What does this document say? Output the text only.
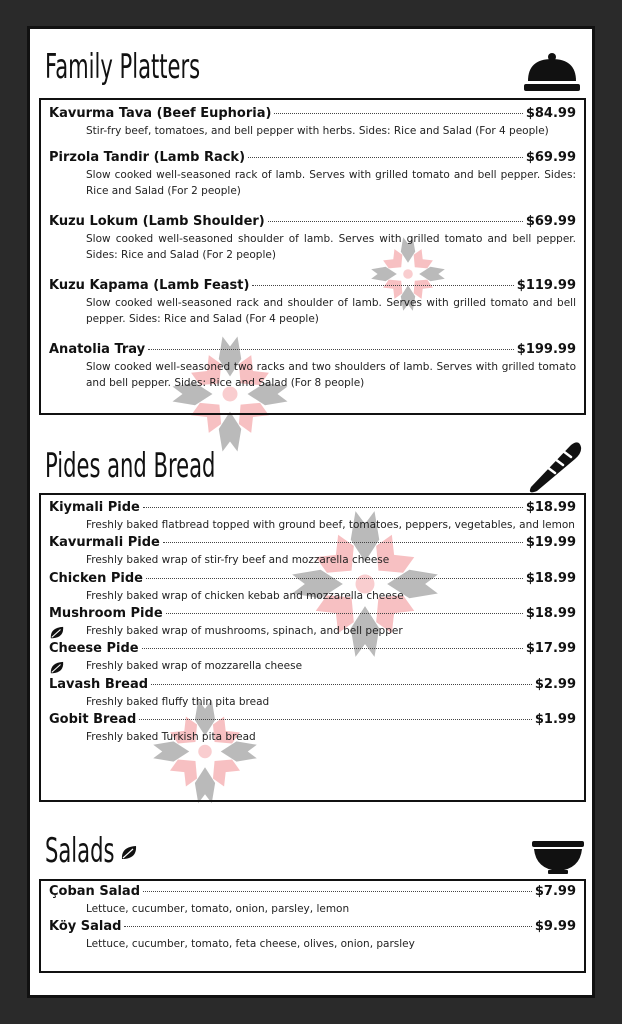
Family Platters
Kavurma Tava (Beef Euphoria)	$84.99
Stir-fry beef, tomatoes, and bell pepper with herbs. Sides: Rice and Salad (For 4 people)
Pirzola Tandir (Lamb Rack)	$69.99
Slow cooked well-seasoned rack of lamb. Serves with grilled tomato and bell pepper. Sides: Rice and Salad (For 2 people)
Kuzu Lokum (Lamb Shoulder)	$69.99
Slow cooked well-seasoned shoulder of lamb. Serves with grilled tomato and bell pepper. Sides: Rice and Salad (For 2 people)
Kuzu Kapama (Lamb Feast)	$119.99
Slow cooked well-seasoned rack and shoulder of lamb. Serves with grilled tomato and bell pepper. Sides: Rice and Salad (For 4 people)
Anatolia Tray	$199.99
Slow cooked well-seasoned two racks and two shoulders of lamb. Serves with grilled tomato and bell pepper. Sides: Rice and Salad (For 8 people)
Pides and Bread
Kiymali Pide	$18.99
Freshly baked flatbread topped with ground beef, tomatoes, peppers, vegetables, and lemon
Kavurmali Pide	$19.99
Freshly baked wrap of stir-fry beef and mozzarella cheese
Chicken Pide	$18.99
Freshly baked wrap of chicken kebab and mozzarella cheese
Mushroom Pide	$18.99
Freshly baked wrap of mushrooms, spinach, and bell pepper
Cheese Pide	$17.99
Freshly baked wrap of mozzarella cheese
Lavash Bread	$2.99
Freshly baked fluffy thin pita bread
Gobit Bread	$1.99
Freshly baked Turkish pita bread
Salads
Çoban Salad	$7.99
Lettuce, cucumber, tomato, onion, parsley, lemon
Köy Salad	$9.99
Lettuce, cucumber, tomato, feta cheese, olives, onion, parsley
